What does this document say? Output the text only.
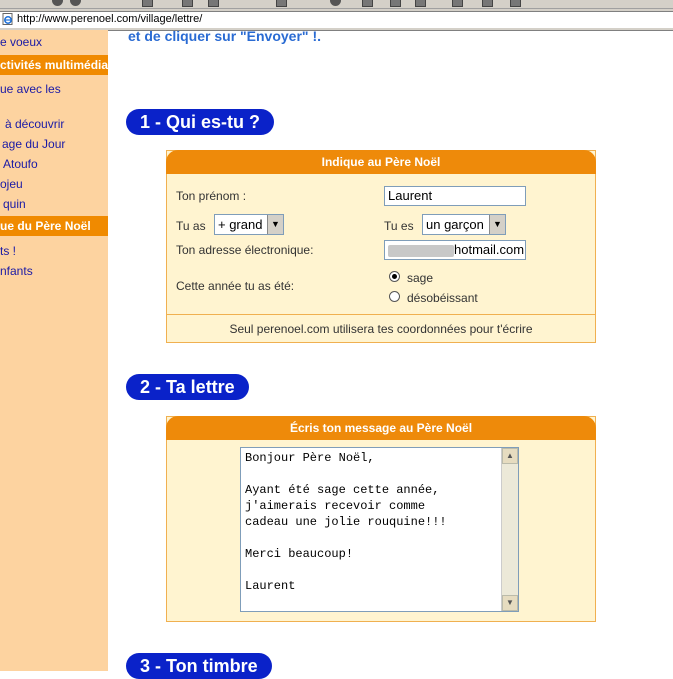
http://www.perenoel.com/village/lettre/
e voeux
ctivités multimédia
ue avec les
à découvrir
age du Jour
Atoufo
ojeu
quin
ue du Père Noël
ts !
nfants
et de cliquer sur "Envoyer" !.
1 - Qui es-tu ?
Indique au Père Noël
Ton prénom :	Laurent
Tu as + grand ▼	Tu es un garçon	▼
Ton adresse électronique:	hotmail.com
Cette année tu as été:
sage
désobéissant
Seul perenoel.com utilisera tes coordonnées pour t'écrire
2 - Ta lettre
Écris ton message au Père Noël
Bonjour Père Noël,

Ayant été sage cette année,
j'aimerais recevoir comme
cadeau une jolie rouquine!!!

Merci beaucoup!

Laurent
▲
▼
3 - Ton timbre
